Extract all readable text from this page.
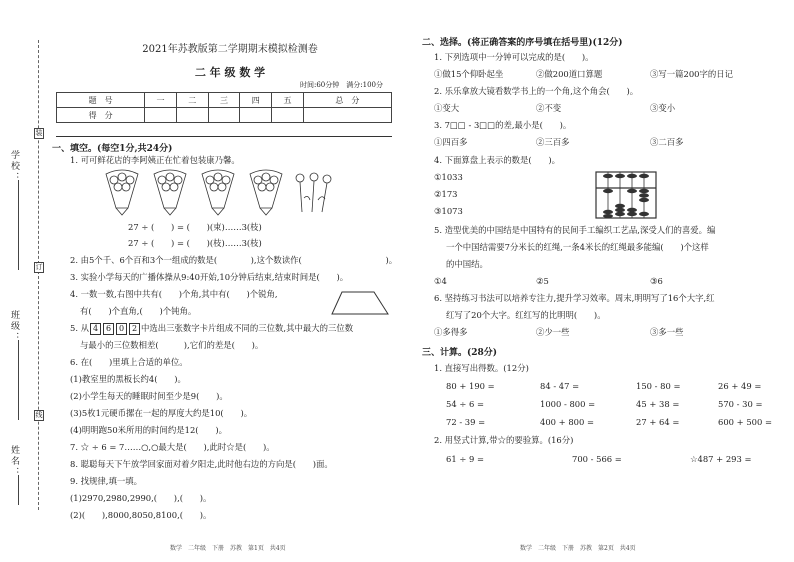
学校：
班级：
姓名：
装
订
线
2021年苏教版第二学期期末模拟检测卷
二 年 级 数 学
时间:60分钟　满分:100分
题　号	一	二	三	四	五	总　分
得　分						
一、填空。(每空1分,共24分)
1. 可可鲜花店的李阿姨正在忙着包装康乃馨。
27 ÷ (　　) = (　　)(束)……3(枝)
27 ÷ (　　) = (　　)(枝)……3(枝)
2. 由5个千、6个百和3个一组成的数是(　　　　),这个数读作(　　　　　　　　　　)。
3. 实验小学每天的广播体操从9:40开始,10分钟后结束,结束时间是(　　)。
4. 一数一数,右图中共有(　　)个角,其中有(　　)个锐角,
有(　　)个直角,(　　)个钝角。
5. 从 4 6 0 2 中选出三张数字卡片组成不同的三位数,其中最大的三位数
与最小的三位数相差(　　　),它们的差是(　　)。
6. 在(　　)里填上合适的单位。
(1)教室里的黑板长约4(　　)。
(2)小学生每天的睡眠时间至少是9(　　)。
(3)5枚1元硬币摞在一起的厚度大约是10(　　)。
(4)明明跑50米所用的时间约是12(　　)。
7. ☆ ÷ 6 = 7……○,○最大是(　　),此时☆是(　　)。
8. 聪聪每天下午放学回家面对着夕阳走,此时他右边的方向是(　　)面。
9. 找规律,填一填。
(1)2970,2980,2990,(　　),(　　)。
(2)(　　),8000,8050,8100,(　　)。
数学　二年级　下册　苏教　第1页　共4页
二、选择。(将正确答案的序号填在括号里)(12分)
1. 下列选项中一分钟可以完成的是(　　)。
①做15个仰卧起坐	②做200道口算题	③写一篇200字的日记
2. 乐乐拿放大镜看数学书上的一个角,这个角会(　　)。
①变大	②不变	③变小
3. 7□□ - 3□□的差,最小是(　　)。
①四百多	②三百多	③二百多
4. 下面算盘上表示的数是(　　)。
①1033
②173
③1073
5. 造型优美的中国结是中国特有的民间手工编织工艺品,深受人们的喜爱。编
一个中国结需要7分米长的红绳,一条4米长的红绳最多能编(　　)个这样
的中国结。
①4	②5	③6
6. 坚持练习书法可以培养专注力,提升学习效率。周末,明明写了16个大字,红
红写了20个大字。红红写的比明明(　　)。
①多得多	②少一些	③多一些
三、计算。(28分)
1. 直接写出得数。(12分)
80 + 190 =	84 - 47 =	150 - 80 =	26 + 49 =
54 ÷ 6 =	1000 - 800 =	45 + 38 =	570 - 30 =
72 - 39 =	400 + 800 =	27 + 64 =	600 + 500 =
2. 用竖式计算,带☆的要验算。(16分)
61 ÷ 9 =	700 - 566 =	☆487 + 293 =
数学　二年级　下册　苏教　第2页　共4页
